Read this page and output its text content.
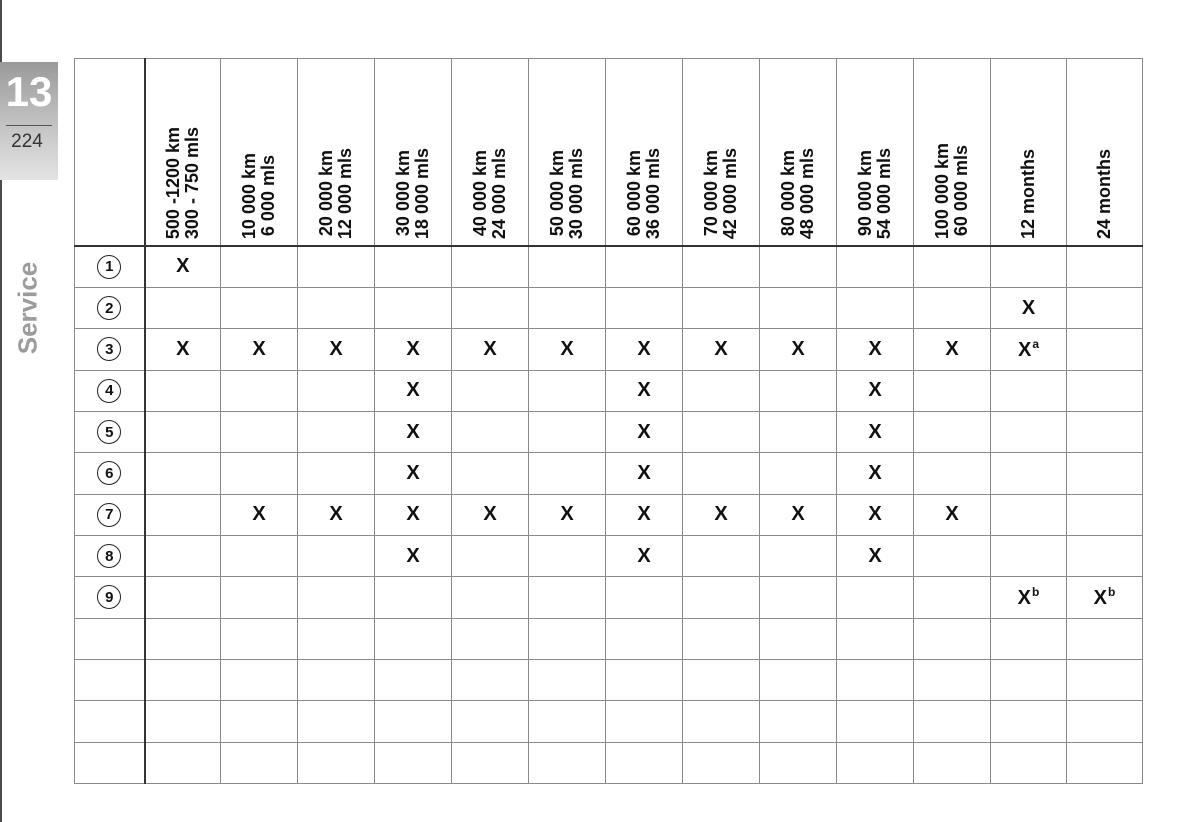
13
224
Service

	500 -1200 km 300 - 750 mls	10 000 km 6 000 mls	20 000 km 12 000 mls	30 000 km 18 000 mls	40 000 km 24 000 mls	50 000 km 30 000 mls	60 000 km 36 000 mls	70 000 km 42 000 mls	80 000 km 48 000 mls	90 000 km 54 000 mls	100 000 km 60 000 mls	12 months	24 months

1	X												
2												X	
3	X	X	X	X	X	X	X	X	X	X	X	$X^a$	
4				X			X			X			
5				X			X			X			
6				X			X			X			
7		X	X	X	X	X	X	X	X	X	X		
8				X			X			X			
9												$X^b$	$X^b$
